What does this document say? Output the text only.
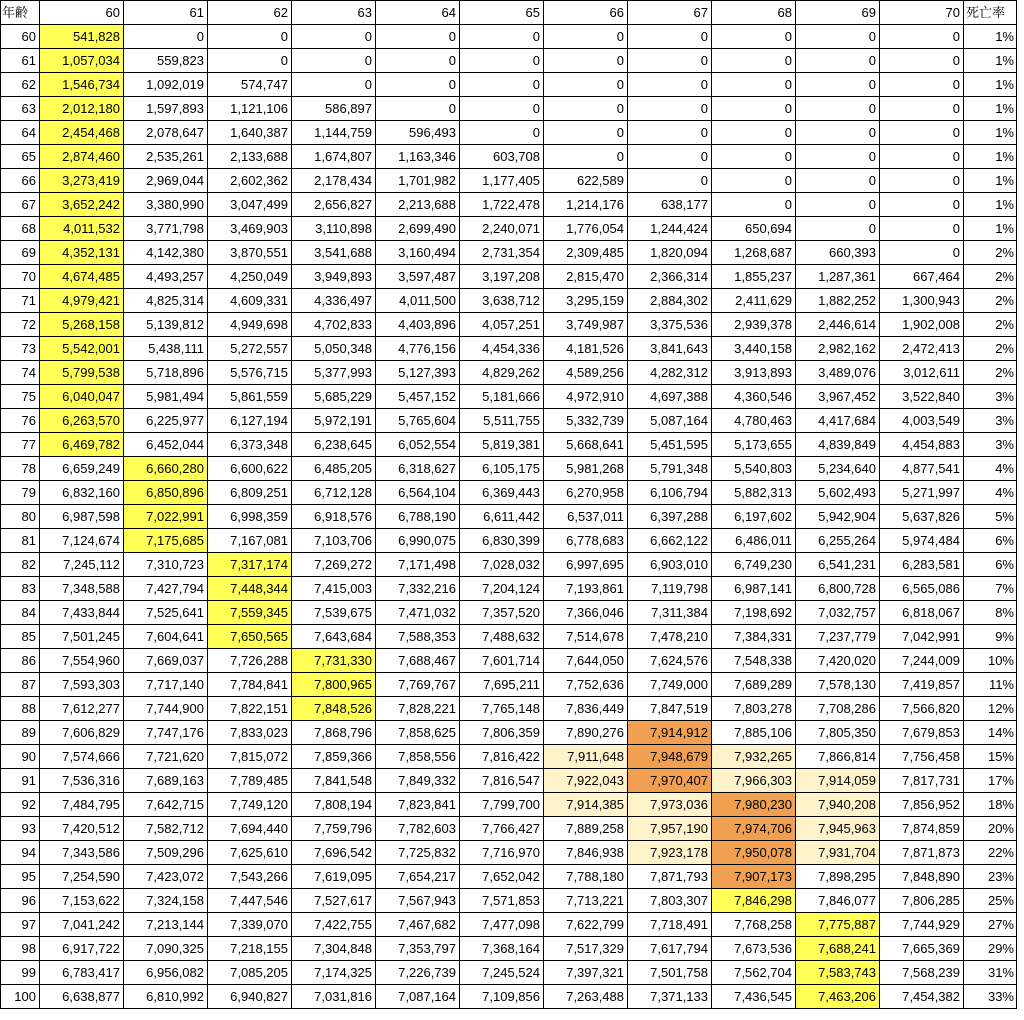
年齢	60	61	62	63	64	65	66	67	68	69	70	死亡率
60	541,828	0	0	0	0	0	0	0	0	0	0	1%
61	1,057,034	559,823	0	0	0	0	0	0	0	0	0	1%
62	1,546,734	1,092,019	574,747	0	0	0	0	0	0	0	0	1%
63	2,012,180	1,597,893	1,121,106	586,897	0	0	0	0	0	0	0	1%
64	2,454,468	2,078,647	1,640,387	1,144,759	596,493	0	0	0	0	0	0	1%
65	2,874,460	2,535,261	2,133,688	1,674,807	1,163,346	603,708	0	0	0	0	0	1%
66	3,273,419	2,969,044	2,602,362	2,178,434	1,701,982	1,177,405	622,589	0	0	0	0	1%
67	3,652,242	3,380,990	3,047,499	2,656,827	2,213,688	1,722,478	1,214,176	638,177	0	0	0	1%
68	4,011,532	3,771,798	3,469,903	3,110,898	2,699,490	2,240,071	1,776,054	1,244,424	650,694	0	0	1%
69	4,352,131	4,142,380	3,870,551	3,541,688	3,160,494	2,731,354	2,309,485	1,820,094	1,268,687	660,393	0	2%
70	4,674,485	4,493,257	4,250,049	3,949,893	3,597,487	3,197,208	2,815,470	2,366,314	1,855,237	1,287,361	667,464	2%
71	4,979,421	4,825,314	4,609,331	4,336,497	4,011,500	3,638,712	3,295,159	2,884,302	2,411,629	1,882,252	1,300,943	2%
72	5,268,158	5,139,812	4,949,698	4,702,833	4,403,896	4,057,251	3,749,987	3,375,536	2,939,378	2,446,614	1,902,008	2%
73	5,542,001	5,438,111	5,272,557	5,050,348	4,776,156	4,454,336	4,181,526	3,841,643	3,440,158	2,982,162	2,472,413	2%
74	5,799,538	5,718,896	5,576,715	5,377,993	5,127,393	4,829,262	4,589,256	4,282,312	3,913,893	3,489,076	3,012,611	2%
75	6,040,047	5,981,494	5,861,559	5,685,229	5,457,152	5,181,666	4,972,910	4,697,388	4,360,546	3,967,452	3,522,840	3%
76	6,263,570	6,225,977	6,127,194	5,972,191	5,765,604	5,511,755	5,332,739	5,087,164	4,780,463	4,417,684	4,003,549	3%
77	6,469,782	6,452,044	6,373,348	6,238,645	6,052,554	5,819,381	5,668,641	5,451,595	5,173,655	4,839,849	4,454,883	3%
78	6,659,249	6,660,280	6,600,622	6,485,205	6,318,627	6,105,175	5,981,268	5,791,348	5,540,803	5,234,640	4,877,541	4%
79	6,832,160	6,850,896	6,809,251	6,712,128	6,564,104	6,369,443	6,270,958	6,106,794	5,882,313	5,602,493	5,271,997	4%
80	6,987,598	7,022,991	6,998,359	6,918,576	6,788,190	6,611,442	6,537,011	6,397,288	6,197,602	5,942,904	5,637,826	5%
81	7,124,674	7,175,685	7,167,081	7,103,706	6,990,075	6,830,399	6,778,683	6,662,122	6,486,011	6,255,264	5,974,484	6%
82	7,245,112	7,310,723	7,317,174	7,269,272	7,171,498	7,028,032	6,997,695	6,903,010	6,749,230	6,541,231	6,283,581	6%
83	7,348,588	7,427,794	7,448,344	7,415,003	7,332,216	7,204,124	7,193,861	7,119,798	6,987,141	6,800,728	6,565,086	7%
84	7,433,844	7,525,641	7,559,345	7,539,675	7,471,032	7,357,520	7,366,046	7,311,384	7,198,692	7,032,757	6,818,067	8%
85	7,501,245	7,604,641	7,650,565	7,643,684	7,588,353	7,488,632	7,514,678	7,478,210	7,384,331	7,237,779	7,042,991	9%
86	7,554,960	7,669,037	7,726,288	7,731,330	7,688,467	7,601,714	7,644,050	7,624,576	7,548,338	7,420,020	7,244,009	10%
87	7,593,303	7,717,140	7,784,841	7,800,965	7,769,767	7,695,211	7,752,636	7,749,000	7,689,289	7,578,130	7,419,857	11%
88	7,612,277	7,744,900	7,822,151	7,848,526	7,828,221	7,765,148	7,836,449	7,847,519	7,803,278	7,708,286	7,566,820	12%
89	7,606,829	7,747,176	7,833,023	7,868,796	7,858,625	7,806,359	7,890,276	7,914,912	7,885,106	7,805,350	7,679,853	14%
90	7,574,666	7,721,620	7,815,072	7,859,366	7,858,556	7,816,422	7,911,648	7,948,679	7,932,265	7,866,814	7,756,458	15%
91	7,536,316	7,689,163	7,789,485	7,841,548	7,849,332	7,816,547	7,922,043	7,970,407	7,966,303	7,914,059	7,817,731	17%
92	7,484,795	7,642,715	7,749,120	7,808,194	7,823,841	7,799,700	7,914,385	7,973,036	7,980,230	7,940,208	7,856,952	18%
93	7,420,512	7,582,712	7,694,440	7,759,796	7,782,603	7,766,427	7,889,258	7,957,190	7,974,706	7,945,963	7,874,859	20%
94	7,343,586	7,509,296	7,625,610	7,696,542	7,725,832	7,716,970	7,846,938	7,923,178	7,950,078	7,931,704	7,871,873	22%
95	7,254,590	7,423,072	7,543,266	7,619,095	7,654,217	7,652,042	7,788,180	7,871,793	7,907,173	7,898,295	7,848,890	23%
96	7,153,622	7,324,158	7,447,546	7,527,617	7,567,943	7,571,853	7,713,221	7,803,307	7,846,298	7,846,077	7,806,285	25%
97	7,041,242	7,213,144	7,339,070	7,422,755	7,467,682	7,477,098	7,622,799	7,718,491	7,768,258	7,775,887	7,744,929	27%
98	6,917,722	7,090,325	7,218,155	7,304,848	7,353,797	7,368,164	7,517,329	7,617,794	7,673,536	7,688,241	7,665,369	29%
99	6,783,417	6,956,082	7,085,205	7,174,325	7,226,739	7,245,524	7,397,321	7,501,758	7,562,704	7,583,743	7,568,239	31%
100	6,638,877	6,810,992	6,940,827	7,031,816	7,087,164	7,109,856	7,263,488	7,371,133	7,436,545	7,463,206	7,454,382	33%
